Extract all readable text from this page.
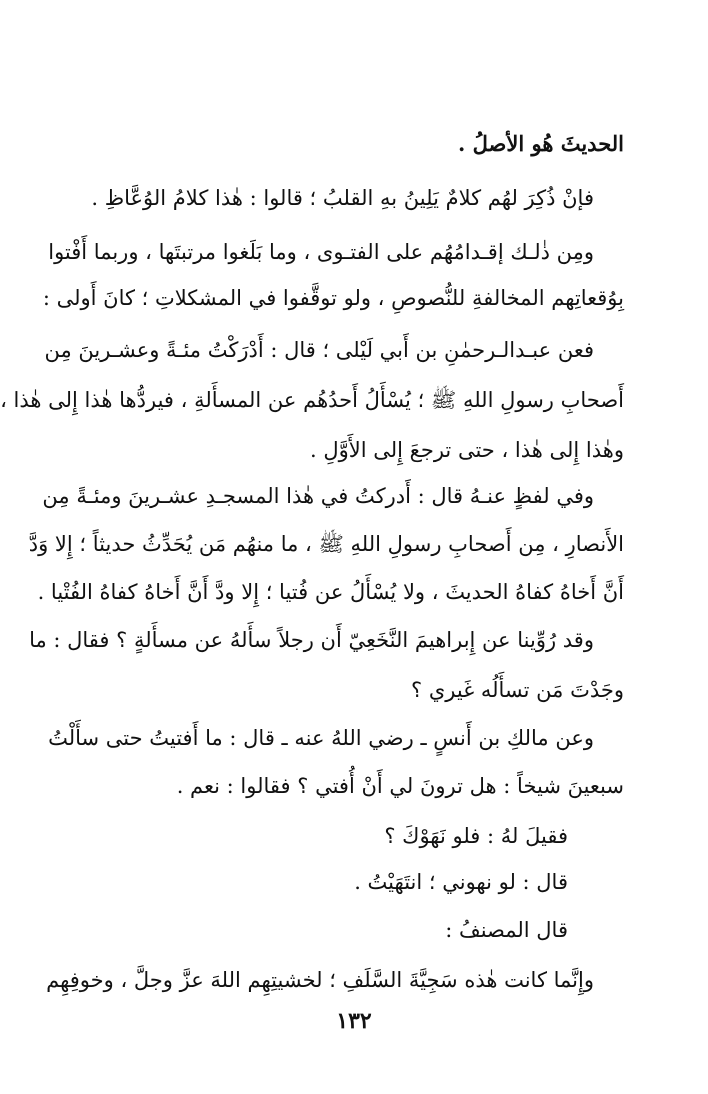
الحديثَ هُو الأصلُ .
فإنْ ذُكِرَ لهُم كلامٌ يَلِينُ بهِ القلبُ ؛ قالوا : هٰذا كلامُ الوُعَّاظِ .
ومِن ذٰلـك إقـدامُهُم على الفتـوى ، وما بَلَغوا مرتبتَها ، وربما أَفْتوا
بِوُقعاتِهم المخالفةِ للنُّصوصِ ، ولو توقَّفوا في المشكلاتِ ؛ كانَ أَولى :
فعن عبـدالـرحمٰنِ بن أَبي لَيْلى ؛ قال : أَدْرَكْتُ مئـةً وعشـرينَ مِن
أَصحابِ رسولِ اللهِ ﷺ ؛ يُسْأَلُ أَحدُهُم عن المسأَلةِ ، فيردُّها هٰذا إِلى هٰذا ،
وهٰذا إِلى هٰذا ، حتى ترجعَ إِلى الأَوَّلِ .
وفي لفظٍ عنـهُ قال : أَدركتُ في هٰذا المسجـدِ عشـرينَ ومئـةً مِن
الأَنصارِ ، مِن أَصحابِ رسولِ اللهِ ﷺ ، ما منهُم مَن يُحَدِّثُ حديثاً ؛ إِلا وَدَّ
أَنَّ أَخاهُ كفاهُ الحديثَ ، ولا يُسْأَلُ عن فُتيا ؛ إِلا ودَّ أَنَّ أَخاهُ كفاهُ الفُتْيا .
وقد رُوِّينا عن إِبراهيمَ النَّخَعِيّ أَن رجلاً سأَلهُ عن مسأَلةٍ ؟ فقال : ما
وجَدْتَ مَن تسأَلُه غَيري ؟
وعن مالكِ بن أَنسٍ ـ رضي اللهُ عنه ـ قال : ما أَفتيتُ حتى سأَلْتُ
سبعينَ شيخاً : هل ترونَ لي أَنْ أُفتي ؟ فقالوا : نعم .
فقيلَ لهُ : فلو نَهَوْكَ ؟
قال : لو نهوني ؛ انتَهَيْتُ .
قال المصنفُ :
وإِنَّما كانت هٰذه سَجِيَّةَ السَّلَفِ ؛ لخشيتِهِم اللهَ عزَّ وجلَّ ، وخوفِهِم
١٣٢
